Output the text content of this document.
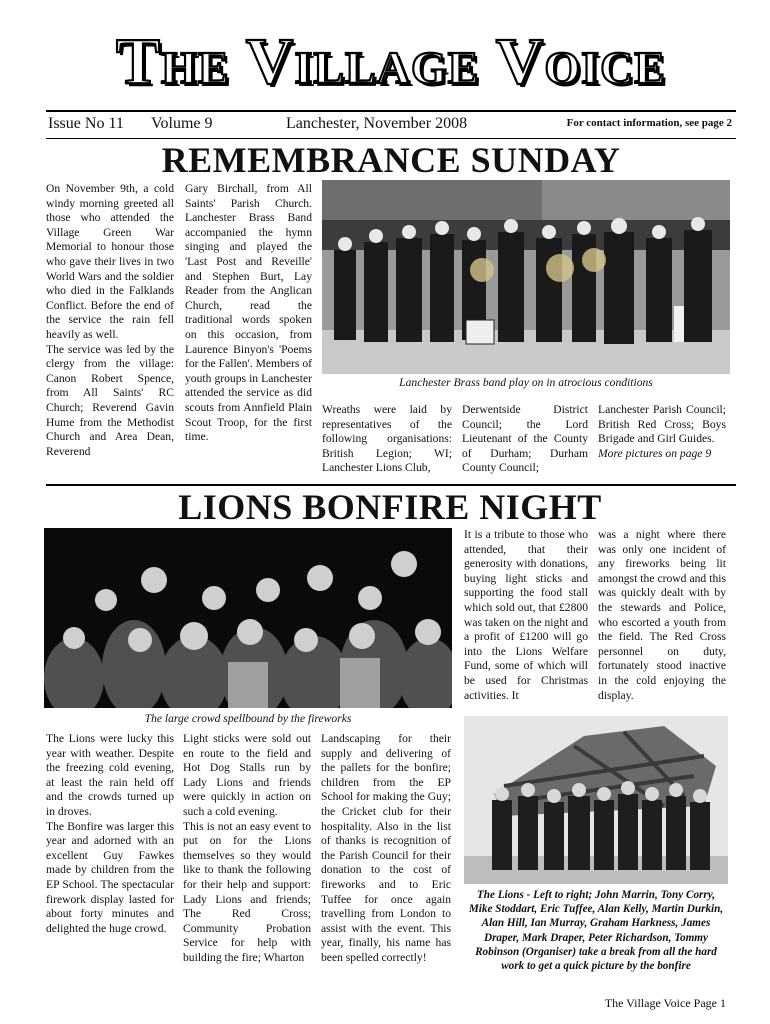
The Village Voice
Issue No 11 Volume 9	Lanchester, November 2008	For contact information, see page 2
REMEMBRANCE SUNDAY

On November 9th, a cold windy morning greeted all those who attended the Village Green War Memorial to honour those who gave their lives in two World Wars and the soldier who died in the Falklands Conflict. Before the end of the service the rain fell heavily as well.

The service was led by the clergy from the village: Canon Robert Spence, from All Saints' RC Church; Reverend Gavin Hume from the Methodist Church and Area Dean, Reverend

Gary Birchall, from All Saints' Parish Church. Lanchester Brass Band accompanied the hymn singing and played the 'Last Post and Reveille' and Stephen Burt, Lay Reader from the Anglican Church, read the traditional words spoken on this occasion, from Laurence Binyon's 'Poems for the Fallen'. Members of youth groups in Lanchester attended the service as did scouts from Annfield Plain Scout Troop, for the first time.

Lanchester Brass band play on in atrocious conditions

Wreaths were laid by representatives of the following organisations: British Legion; WI; Lanchester Lions Club,

Derwentside District Council; the Lord Lieutenant of the County of Durham; Durham County Council;

Lanchester Parish Council; British Red Cross; Boys Brigade and Girl Guides.

More pictures on page 9

LIONS BONFIRE NIGHT

It is a tribute to those who attended, that their generosity with donations, buying light sticks and supporting the food stall which sold out, that £2800 was taken on the night and a profit of £1200 will go into the Lions Welfare Fund, some of which will be used for Christmas activities. It

was a night where there was only one incident of any fireworks being lit amongst the crowd and this was quickly dealt with by the stewards and Police, who escorted a youth from the field. The Red Cross personnel on duty, fortunately stood inactive in the cold enjoying the display.

The large crowd spellbound by the fireworks

The Lions were lucky this year with weather. Despite the freezing cold evening, at least the rain held off and the crowds turned up in droves.

The Bonfire was larger this year and adorned with an excellent Guy Fawkes made by children from the EP School. The spectacular firework display lasted for about forty minutes and delighted the huge crowd.

Light sticks were sold out en route to the field and Hot Dog Stalls run by Lady Lions and friends were quickly in action on such a cold evening.

This is not an easy event to put on for the Lions themselves so they would like to thank the following for their help and support: Lady Lions and friends; The Red Cross; Community Probation Service for help with building the fire; Wharton

Landscaping for their supply and delivering of the pallets for the bonfire; children from the EP School for making the Guy; the Cricket club for their hospitality. Also in the list of thanks is recognition of the Parish Council for their donation to the cost of fireworks and to Eric Tuffee for once again travelling from London to assist with the event. This year, finally, his name has been spelled correctly!

The Lions - Left to right; John Marrin, Tony Corry, Mike Stoddart, Eric Tuffee, Alan Kelly, Martin Durkin, Alan Hill, Ian Murray, Graham Harkness, James Draper, Mark Draper, Peter Richardson, Tommy Robinson (Organiser) take a break from all the hard work to get a quick picture by the bonfire
The Village Voice Page 1
